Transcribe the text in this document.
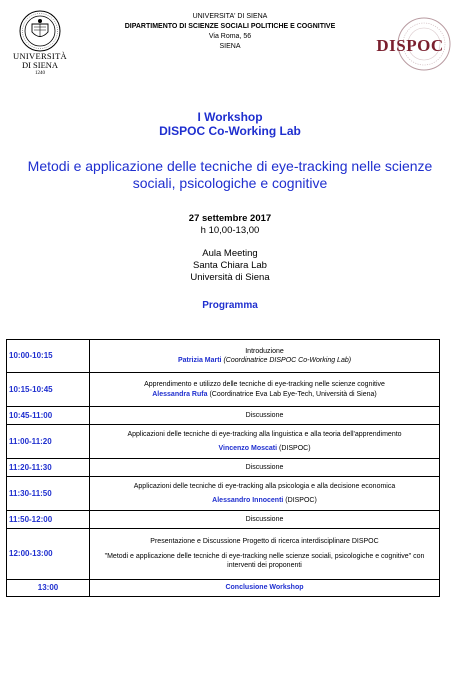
UNIVERSITÀ
DI SIENA
1240
UNIVERSITA' DI SIENA
DIPARTIMENTO DI SCIENZE SOCIALI POLITICHE E COGNITIVE
Via Roma, 56
SIENA	DISPOC
I Workshop
DISPOC Co-Working Lab
Metodi e applicazione delle tecniche di eye-tracking nelle scienze sociali, psicologiche e cognitive
27 settembre 2017
h 10,00-13,00
Aula Meeting
Santa Chiara Lab
Università di Siena
Programma
10:00-10:15	Introduzione
Patrizia Marti (Coordinatrice DISPOC Co-Working Lab)

10:15-10:45	Apprendimento e utilizzo delle tecniche di eye-tracking nelle scienze cognitive
Alessandra Rufa (Coordinatrice Eva Lab Eye-Tech, Università di Siena)

10:45-11:00	Discussione
11:00-11:20	Applicazioni delle tecniche di eye-tracking alla linguistica e alla teoria dell'apprendimento
Vincenzo Moscati (DISPOC)

11:20-11:30	Discussione
11:30-11:50	Applicazioni delle tecniche di eye-tracking alla psicologia e alla decisione economica
Alessandro Innocenti (DISPOC)

11:50-12:00	Discussione
12:00-13:00	Presentazione e Discussione Progetto di ricerca interdisciplinare DISPOC
"Metodi e applicazione delle tecniche di eye-tracking nelle scienze sociali, psicologiche e cognitive" con interventi dei proponenti

13:00	Conclusione Workshop
